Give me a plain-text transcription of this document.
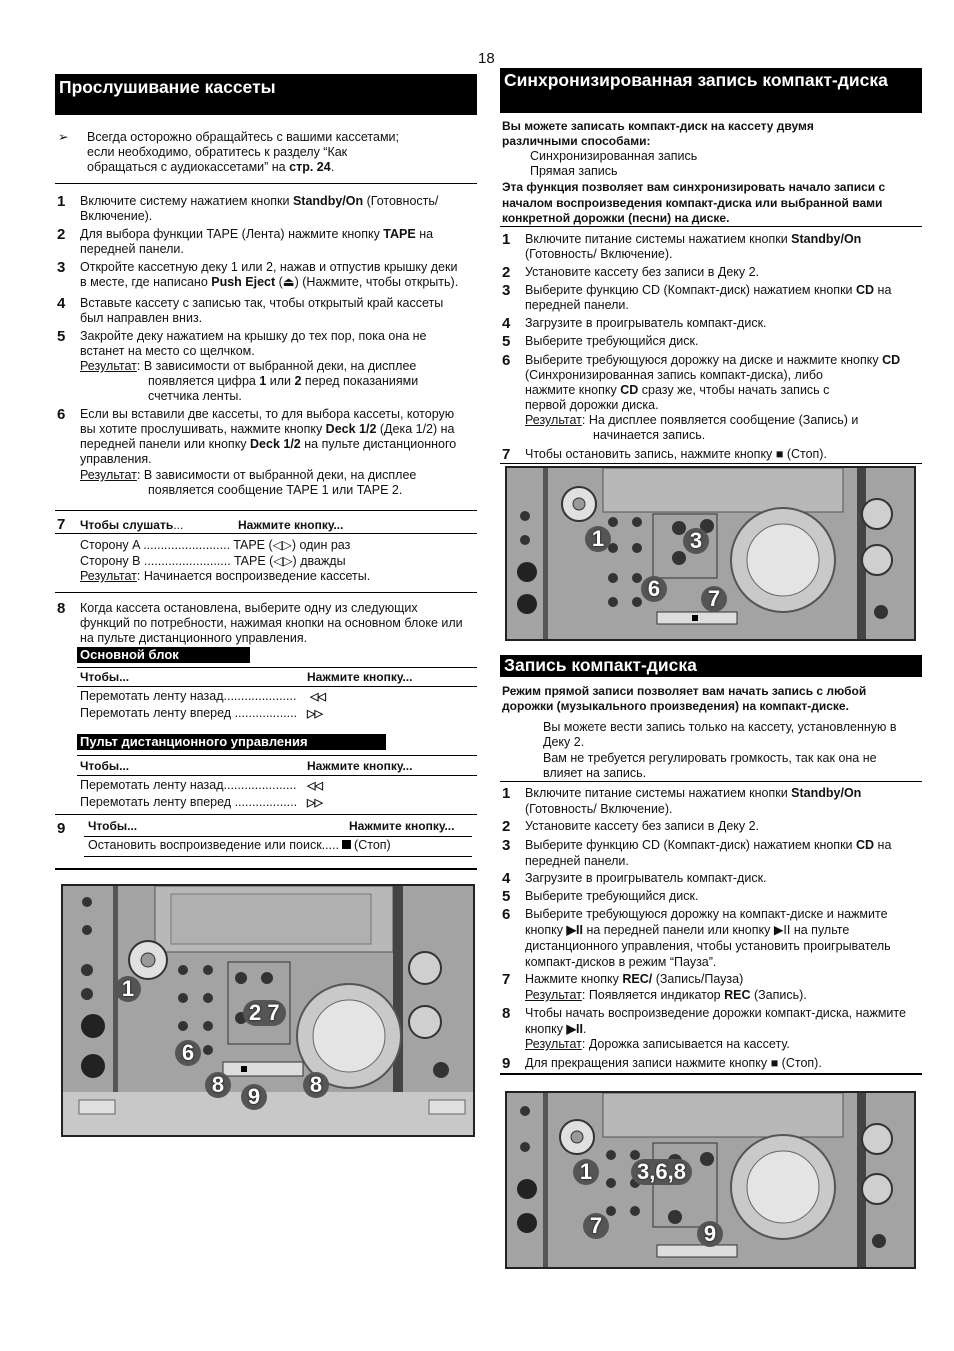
18
Прослушивание кассеты
➢ Всегда осторожно обращайтесь с вашими кассетами;
если необходимо, обратитесь к разделу “Как
обращаться с аудиокассетами” на стр. 24.
1 Включите систему нажатием кнопки Standby/On (Готовность/
Включение).
2 Для выбора функции TAPE (Лента) нажмите кнопку TAPE на
передней панели.
3 Откройте кассетную деку 1 или 2, нажав и отпустив крышку деки
в месте, где написано Push Eject (⏏) (Нажмите, чтобы открыть).
4 Вставьте кассету с записью так, чтобы открытый край кассеты
был направлен вниз.
5 Закройте деку нажатием на крышку до тех пор, пока она не
встанет на место со щелчком.
6 Если вы вставили две кассеты, то для выбора кассеты, которую
вы хотите прослушивать, нажмите кнопку Deck 1/2 (Дека 1/2) на
передней панели или кнопку Deck 1/2 на пульте дистанционного
управления.
Результат: В зависимости от выбранной деки, на дисплее
появляется цифра 1 или 2 перед показаниями
счетчика ленты.
Результат: В зависимости от выбранной деки, на дисплее
появляется сообщение TAPE 1 или TAPE 2.
7 Чтобы слушать...	Нажмите кнопку...
Сторону A ......................... TAPE (◁▷) один раз
Сторону B ......................... TAPE (◁▷) дважды
Результат: Начинается воспроизведение кассеты.
8 Когда кассета остановлена, выберите одну из следующих
функций по потребности, нажимая кнопки на основном блоке или
на пульте дистанционного управления.
Основной блок
Чтобы...	Нажмите кнопку...
Перемотать ленту назад..................... ◁◁
Перемотать ленту вперед .................. ▷▷
Пульт дистанционного управления
Чтобы...	Нажмите кнопку...
Перемотать ленту назад..................... ◁◁
Перемотать ленту вперед .................. ▷▷
9 Чтобы...	Нажмите кнопку...
Остановить воспроизведение или поиск..... (Стоп)
1
2 7
6
8	9	8
Синхронизированная запись компакт-диска
Вы можете записать компакт-диск на кассету двумя
различными способами:
Синхронизированная запись
Прямая запись
Эта функция позволяет вам синхронизировать начало записи с
началом воспроизведения компакт-диска или выбранной вами
конкретной дорожки (песни) на диске.
1 Включите питание системы нажатием кнопки Standby/On
(Готовность/ Включение).
2 Установите кассету без записи в Деку 2.
3 Выберите функцию CD (Компакт-диск) нажатием кнопки CD на
передней панели.
4 Загрузите в проигрыватель компакт-диск.
5 Выберите требующийся диск.
6 Выберите требующуюся дорожку на диске и нажмите кнопку CD
(Синхронизированная запись компакт-диска), либо
нажмите кнопку CD сразу же, чтобы начать запись с
первой дорожки диска.
7 Чтобы остановить запись, нажмите кнопку ■ (Стоп).
Результат: На дисплее появляется сообщение (Запись) и
начинается запись.
1	3
6	7
Запись компакт-диска
Режим прямой записи позволяет вам начать запись с любой
дорожки (музыкального произведения) на компакт-диске.
Вы можете вести запись только на кассету, установленную в
Деку 2.
Вам не требуется регулировать громкость, так как она не
влияет на запись.
1 Включите питание системы нажатием кнопки Standby/On
(Готовность/ Включение).
2 Установите кассету без записи в Деку 2.
3 Выберите функцию CD (Компакт-диск) нажатием кнопки CD на
передней панели.
4 Загрузите в проигрыватель компакт-диск.
5 Выберите требующийся диск.
6 Выберите требующуюся дорожку на компакт-диске и нажмите
кнопку ▶II на передней панели или кнопку ▶II на пульте
дистанционного управления, чтобы установить проигрыватель
компакт-дисков в режим “Пауза”.
7 Нажмите кнопку REC/ (Запись/Пауза)
8 Чтобы начать воспроизведение дорожки компакт-диска, нажмите
кнопку ▶II.
9 Для прекращения записи нажмите кнопку ■ (Стоп).
Результат: Появляется индикатор REC (Запись).
Результат: Дорожка записывается на кассету.
1	3,6,8
7	9
